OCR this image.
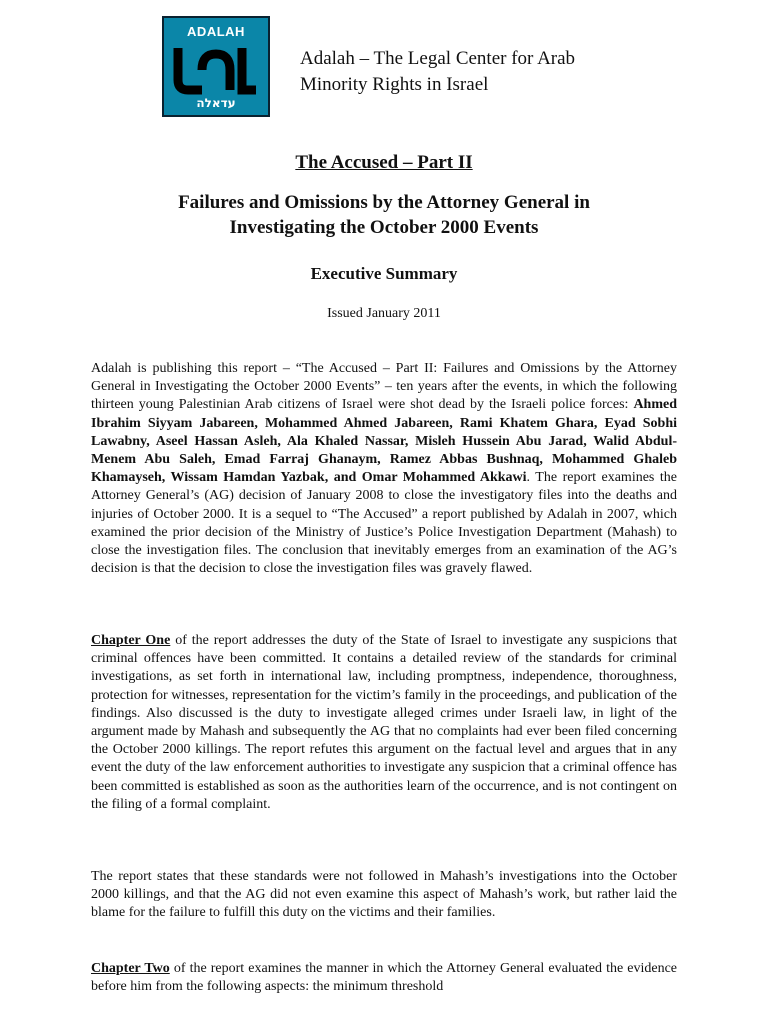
ADALAH
עדאלה
Adalah – The Legal Center for Arab
Minority Rights in Israel
The Accused – Part II
Failures and Omissions by the Attorney General in
Investigating the October 2000 Events
Executive Summary
Issued January 2011
Adalah is publishing this report – “The Accused – Part II: Failures and Omissions by the Attorney General in Investigating the October 2000 Events” – ten years after the events, in which the following thirteen young Palestinian Arab citizens of Israel were shot dead by the Israeli police forces: Ahmed Ibrahim Siyyam Jabareen, Mohammed Ahmed Jabareen, Rami Khatem Ghara, Eyad Sobhi Lawabny, Aseel Hassan Asleh, Ala Khaled Nassar, Misleh Hussein Abu Jarad, Walid Abdul-Menem Abu Saleh, Emad Farraj Ghanaym, Ramez Abbas Bushnaq, Mohammed Ghaleb Khamayseh, Wissam Hamdan Yazbak, and Omar Mohammed Akkawi. The report examines the Attorney General’s (AG) decision of January 2008 to close the investigatory files into the deaths and injuries of October 2000. It is a sequel to “The Accused” a report published by Adalah in 2007, which examined the prior decision of the Ministry of Justice’s Police Investigation Department (Mahash) to close the investigation files. The conclusion that inevitably emerges from an examination of the AG’s decision is that the decision to close the investigation files was gravely flawed.
Chapter One of the report addresses the duty of the State of Israel to investigate any suspicions that criminal offences have been committed. It contains a detailed review of the standards for criminal investigations, as set forth in international law, including promptness, independence, thoroughness, protection for witnesses, representation for the victim’s family in the proceedings, and publication of the findings. Also discussed is the duty to investigate alleged crimes under Israeli law, in light of the argument made by Mahash and subsequently the AG that no complaints had ever been filed concerning the October 2000 killings. The report refutes this argument on the factual level and argues that in any event the duty of the law enforcement authorities to investigate any suspicion that a criminal offence has been committed is established as soon as the authorities learn of the occurrence, and is not contingent on the filing of a formal complaint.
The report states that these standards were not followed in Mahash’s investigations into the October 2000 killings, and that the AG did not even examine this aspect of Mahash’s work, but rather laid the blame for the failure to fulfill this duty on the victims and their families.
Chapter Two of the report examines the manner in which the Attorney General evaluated the evidence before him from the following aspects: the minimum threshold
